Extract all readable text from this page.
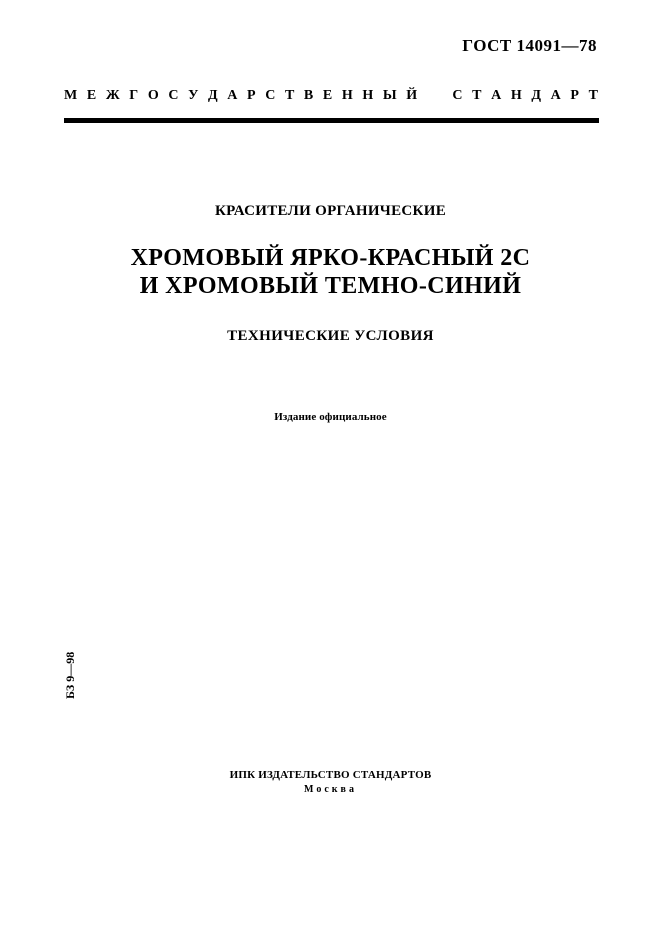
ГОСТ 14091—78
М Е Ж Г О С У Д А Р С Т В Е Н Н Ы Й
	С Т А Н Д А Р Т
КРАСИТЕЛИ ОРГАНИЧЕСКИЕ
ХРОМОВЫЙ ЯРКО-КРАСНЫЙ 2С
И ХРОМОВЫЙ ТЕМНО-СИНИЙ
ТЕХНИЧЕСКИЕ УСЛОВИЯ
Издание официальное
БЗ 9—98
ИПК ИЗДАТЕЛЬСТВО СТАНДАРТОВ
Москва
